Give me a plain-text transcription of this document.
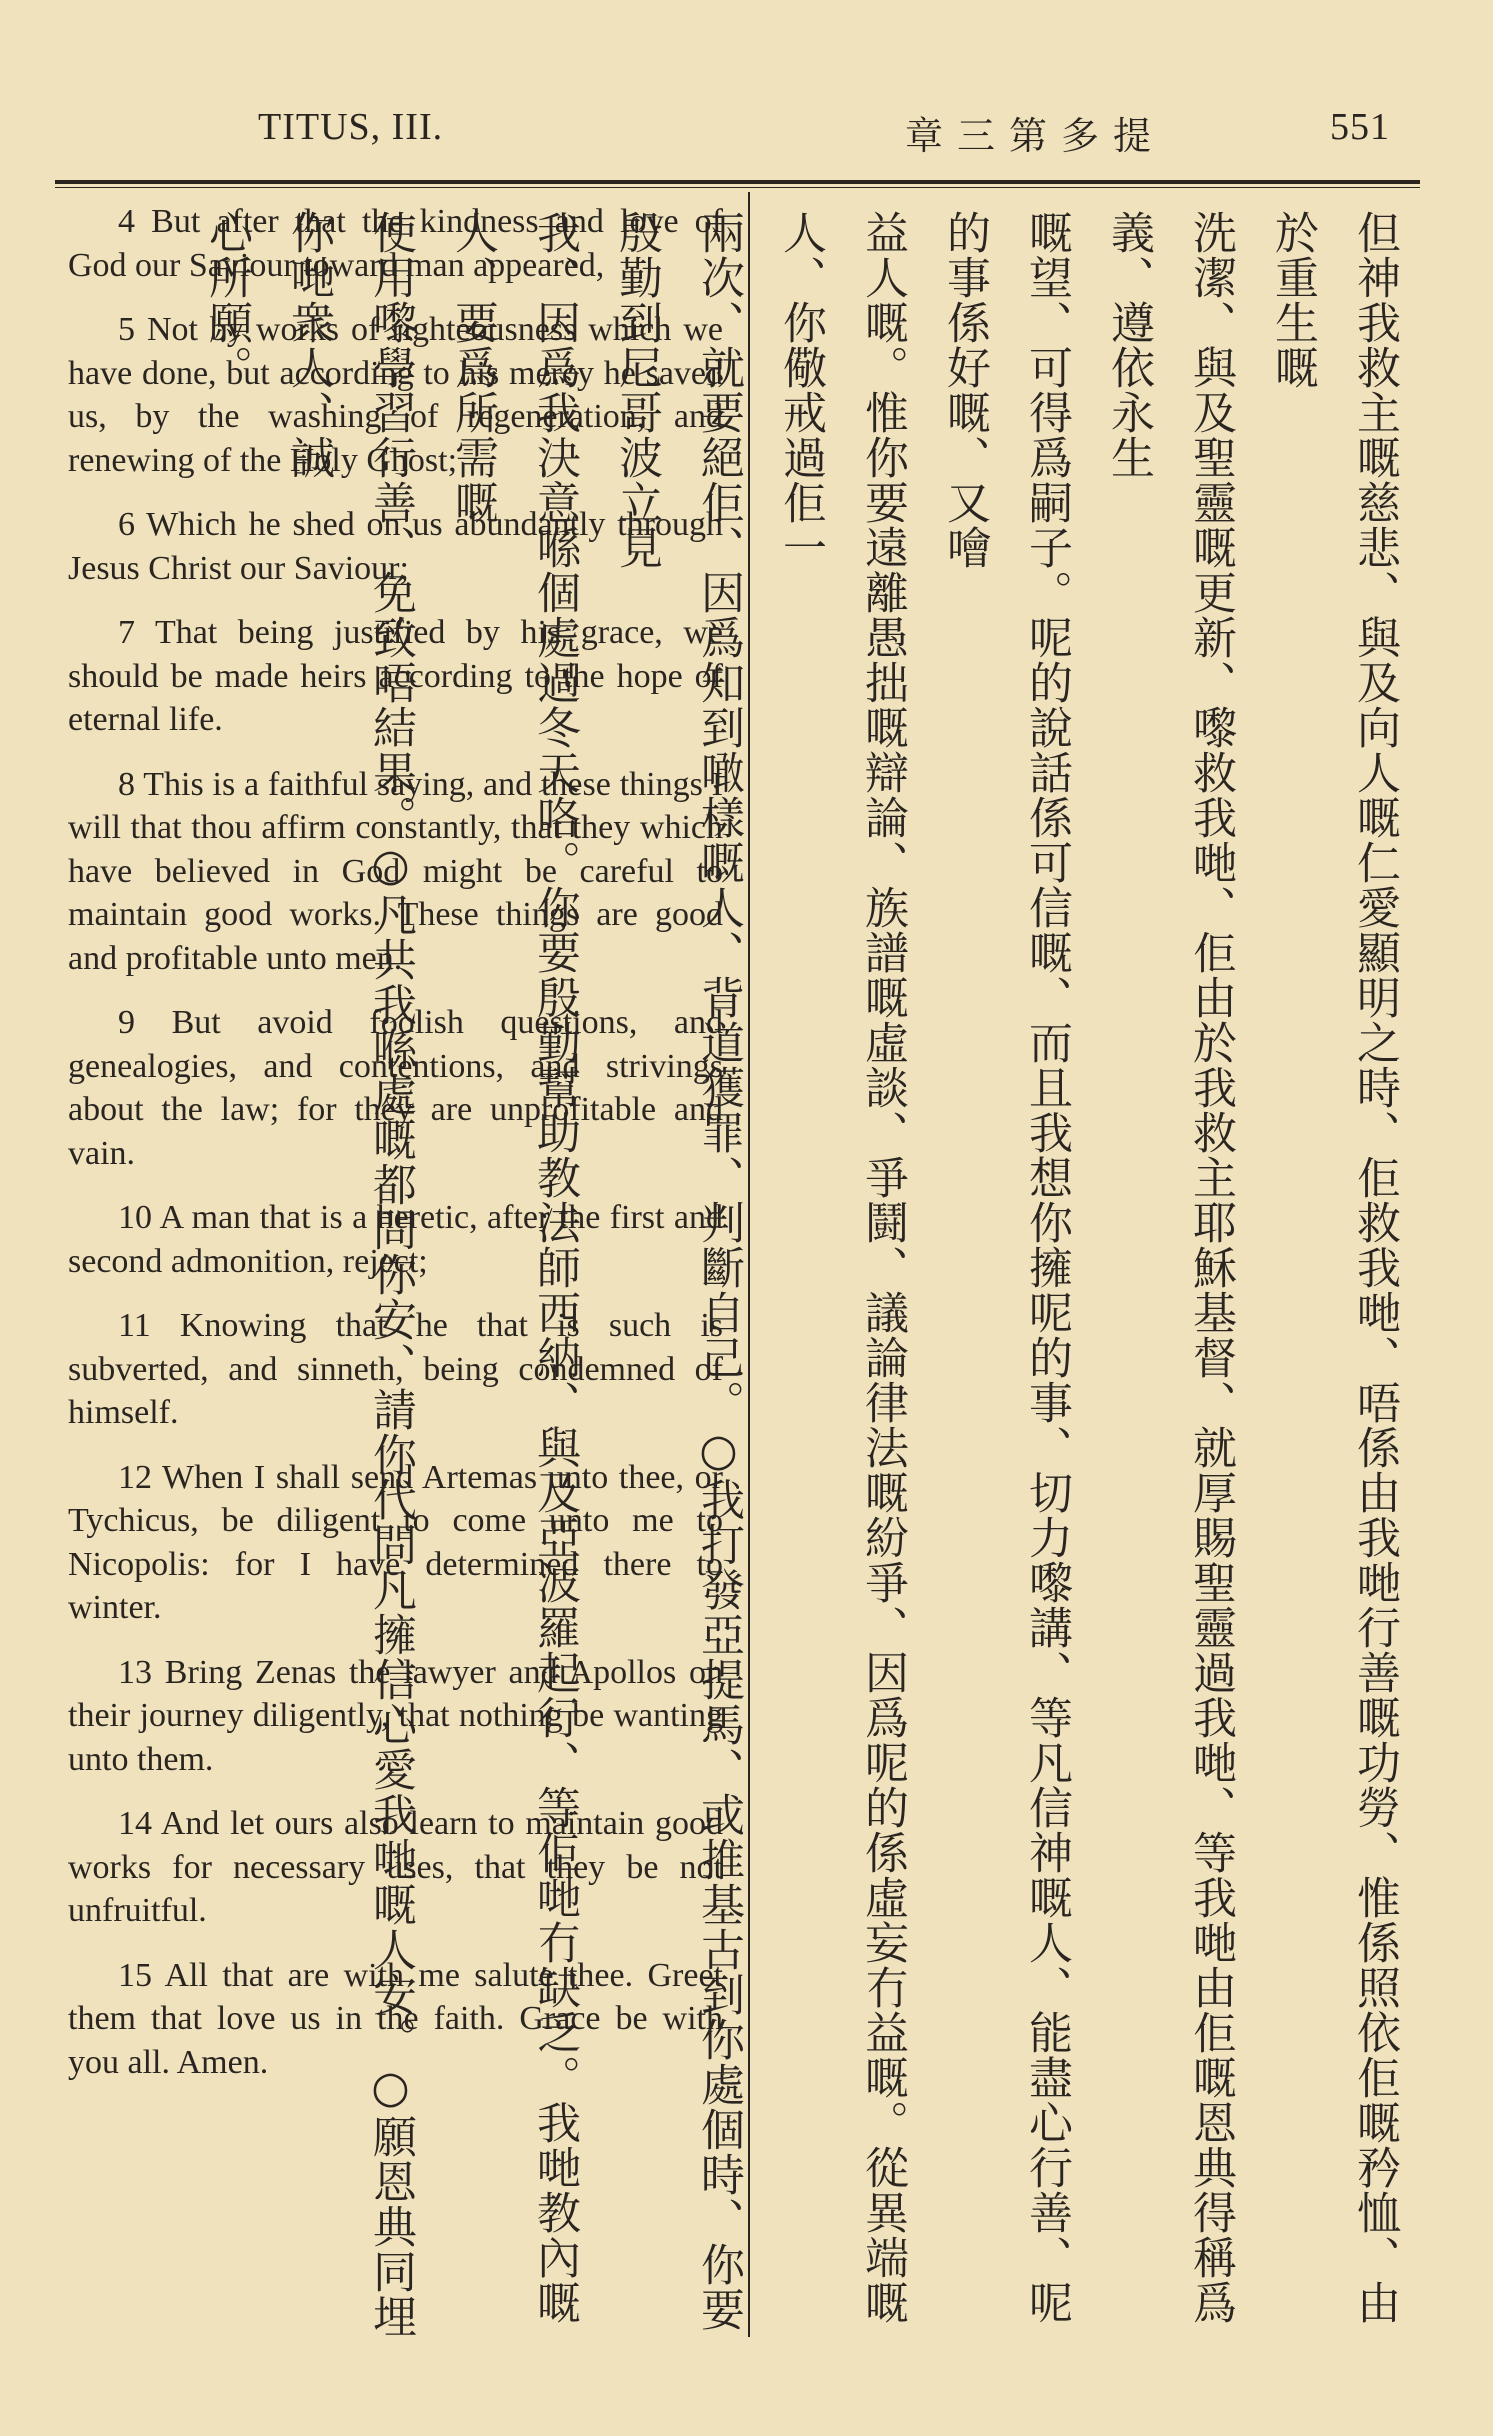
TITUS, III.	章三第多提	551

4 But after that the kindness and love of God our Saviour toward man appeared,

5 Not by works of righteousness which we have done, but according to his mercy he saved us, by the washing of regeneration, and renewing of the Holy Ghost;

6 Which he shed on us abundantly through Jesus Christ our Saviour;

7 That being justified by his grace, we should be made heirs according to the hope of eternal life.

8 This is a faithful saying, and these things I will that thou affirm constantly, that they which have believed in God might be careful to maintain good works. These things are good and profitable unto men.

9 But avoid foolish questions, and genealogies, and contentions, and strivings about the law; for they are unprofitable and vain.

10 A man that is a heretic, after the first and second admonition, reject;

11 Knowing that he that is such is subverted, and sinneth, being condemned of himself.

12 When I shall send Artemas unto thee, or Tychicus, be diligent to come unto me to Nicopolis: for I have determined there to winter.

13 Bring Zenas the lawyer and Apollos on their journey diligently, that nothing be wanting unto them.

14 And let ours also learn to maintain good works for necessary uses, that they be not unfruitful.

15 All that are with me salute thee. Greet them that love us in the faith. Grace be with you all. Amen.	但神我救主嘅慈悲、與及向人嘅仁愛顯明之時、佢救我哋、唔係由我哋行善嘅功勞、惟係照依佢嘅矜恤、由於重生嘅

洗潔、與及聖靈嘅更新、嚟救我哋、佢由於我救主耶穌基督、就厚賜聖靈過我哋、等我哋由佢嘅恩典得稱爲義、遵依永生

嘅望、可得爲嗣子。呢的說話係可信嘅、而且我想你擁呢的事、切力嚟講、等凡信神嘅人、能盡心行善、呢的事係好嘅、又噲

益人嘅。惟你要遠離愚拙嘅辯論、族譜嘅虛談、爭鬪、議論律法嘅紛爭、因爲呢的係虛妄冇益嘅。從異端嘅人、你儆戒過佢一

兩次、就要絕佢、因爲知到噉樣嘅人、背道獲罪、判斷自己。○我打發亞提馬、或推基古到你處個時、你要殷勤到尼哥波立見

我、因爲我決意喺個處過冬天咯。你要殷勤幫助教法師西納、與及亞波羅起行、等佢哋冇缺乏。我哋教內嘅人、要爲所需嘅

使用嚟學習行善、免致唔結果。○凡共我喺處嘅都問你安、請你代問凡擁信心愛我哋嘅人安。○願恩典同埋你哋衆人、誠

心所願。
